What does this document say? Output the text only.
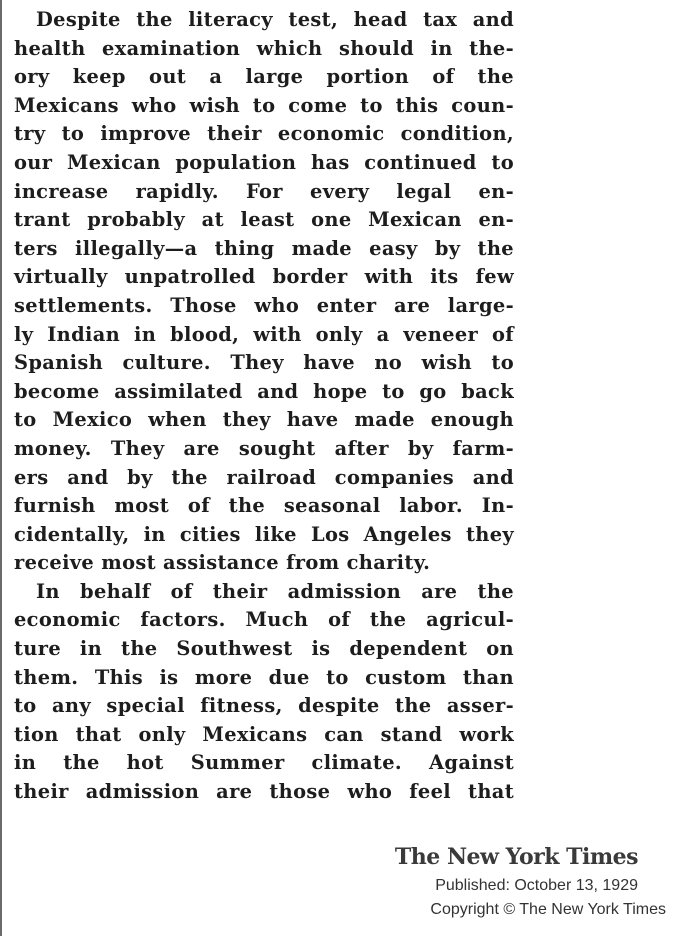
Despite the literacy test, head tax and
health examination which should in the-
ory keep out a large portion of the
Mexicans who wish to come to this coun-
try to improve their economic condition,
our Mexican population has continued to
increase rapidly. For every legal en-
trant probably at least one Mexican en-
ters illegally—a thing made easy by the
virtually unpatrolled border with its few
settlements. Those who enter are large-
ly Indian in blood, with only a veneer of
Spanish culture. They have no wish to
become assimilated and hope to go back
to Mexico when they have made enough
money. They are sought after by farm-
ers and by the railroad companies and
furnish most of the seasonal labor. In-
cidentally, in cities like Los Angeles they
receive most assistance from charity.
In behalf of their admission are the
economic factors. Much of the agricul-
ture in the Southwest is dependent on
them. This is more due to custom than
to any special fitness, despite the asser-
tion that only Mexicans can stand work
in the hot Summer climate. Against
their admission are those who feel that
The New York Times
Published: October 13, 1929
Copyright © The New York Times
